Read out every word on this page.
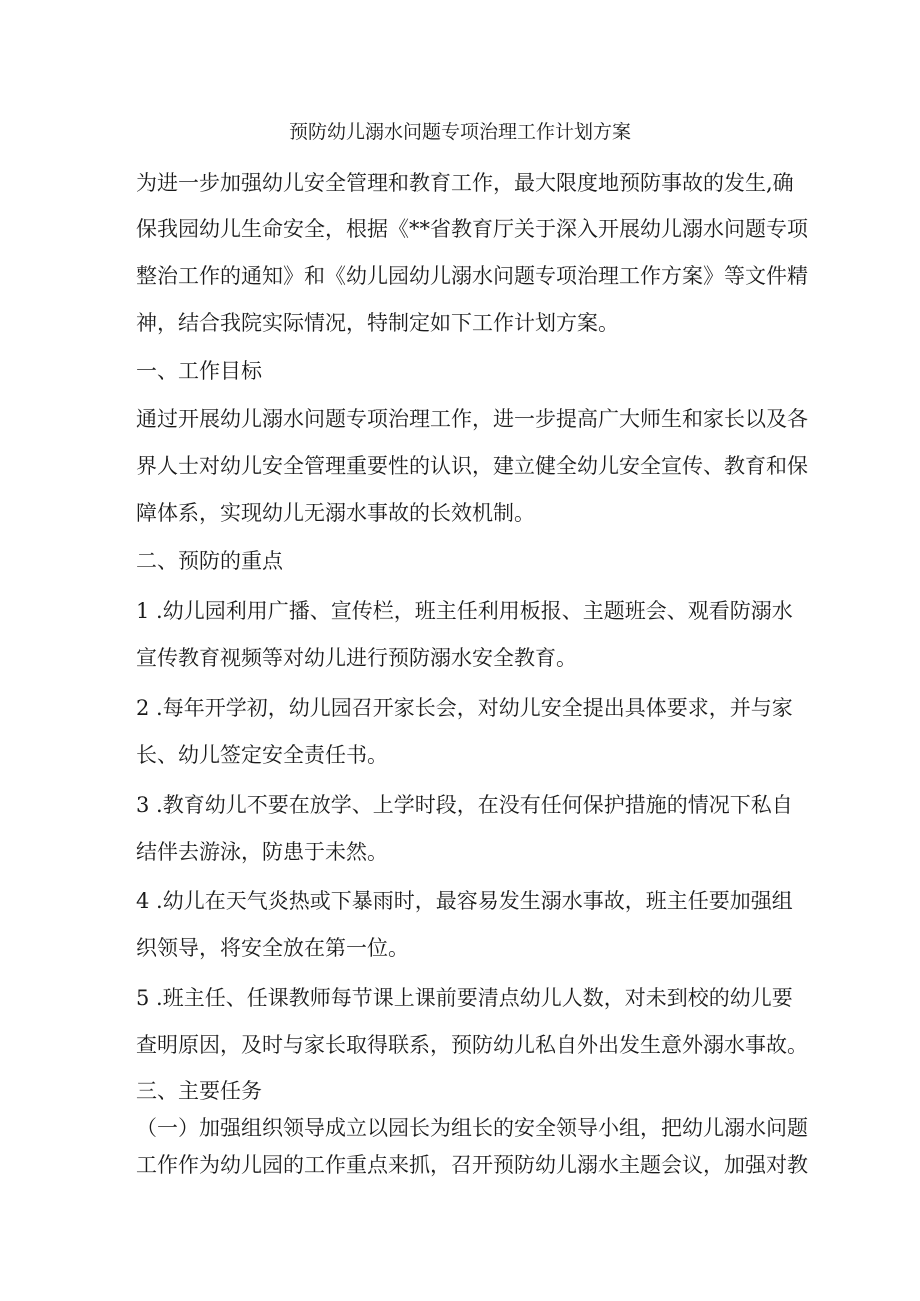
预防幼儿溺水问题专项治理工作计划方案
为进一步加强幼儿安全管理和教育工作，最大限度地预防事故的发生,确
保我园幼儿生命安全，根据《**省教育厅关于深入开展幼儿溺水问题专项
整治工作的通知》和《幼儿园幼儿溺水问题专项治理工作方案》等文件精
神，结合我院实际情况，特制定如下工作计划方案。
一、工作目标
通过开展幼儿溺水问题专项治理工作，进一步提高广大师生和家长以及各
界人士对幼儿安全管理重要性的认识，建立健全幼儿安全宣传、教育和保
障体系，实现幼儿无溺水事故的长效机制。
二、预防的重点
1 .幼儿园利用广播、宣传栏，班主任利用板报、主题班会、观看防溺水
宣传教育视频等对幼儿进行预防溺水安全教育。
2 .每年开学初，幼儿园召开家长会，对幼儿安全提出具体要求，并与家
长、幼儿签定安全责任书。
3 .教育幼儿不要在放学、上学时段，在没有任何保护措施的情况下私自
结伴去游泳，防患于未然。
4 .幼儿在天气炎热或下暴雨时，最容易发生溺水事故，班主任要加强组
织领导，将安全放在第一位。
5 .班主任、任课教师每节课上课前要清点幼儿人数，对未到校的幼儿要
查明原因，及时与家长取得联系，预防幼儿私自外出发生意外溺水事故。
三、主要任务
（一）加强组织领导成立以园长为组长的安全领导小组，把幼儿溺水问题
工作作为幼儿园的工作重点来抓，召开预防幼儿溺水主题会议，加强对教
